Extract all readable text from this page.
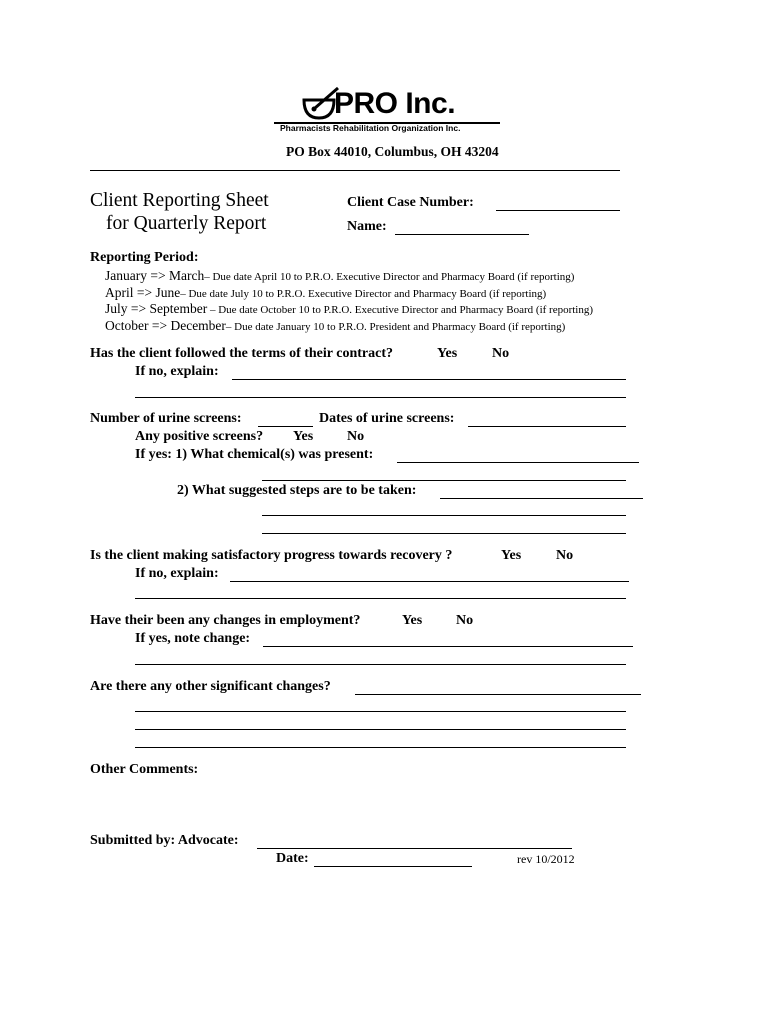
PRO Inc.
Pharmacists Rehabilitation Organization Inc.
PO Box 44010, Columbus, OH 43204
Client Reporting Sheet
for Quarterly Report
Client Case Number:
Name:
Reporting Period:
January => March– Due date April 10 to P.R.O. Executive Director and Pharmacy Board (if reporting)
April => June– Due date July 10 to P.R.O. Executive Director and Pharmacy Board (if reporting)
July => September – Due date October 10 to P.R.O. Executive Director and Pharmacy Board (if reporting)
October => December– Due date January 10 to P.R.O. President and Pharmacy Board (if reporting)
Has the client followed the terms of their contract?	Yes No
If no, explain:
Number of urine screens:	Dates of urine screens:
Any positive screens? Yes No
If yes: 1) What chemical(s) was present:
2) What suggested steps are to be taken:
Is the client making satisfactory progress towards recovery ?	Yes No
If no, explain:
Have their been any changes in employment?	Yes No
If yes, note change:
Are there any other significant changes?
Other Comments:
Submitted by: Advocate:
Date:	rev 10/2012
